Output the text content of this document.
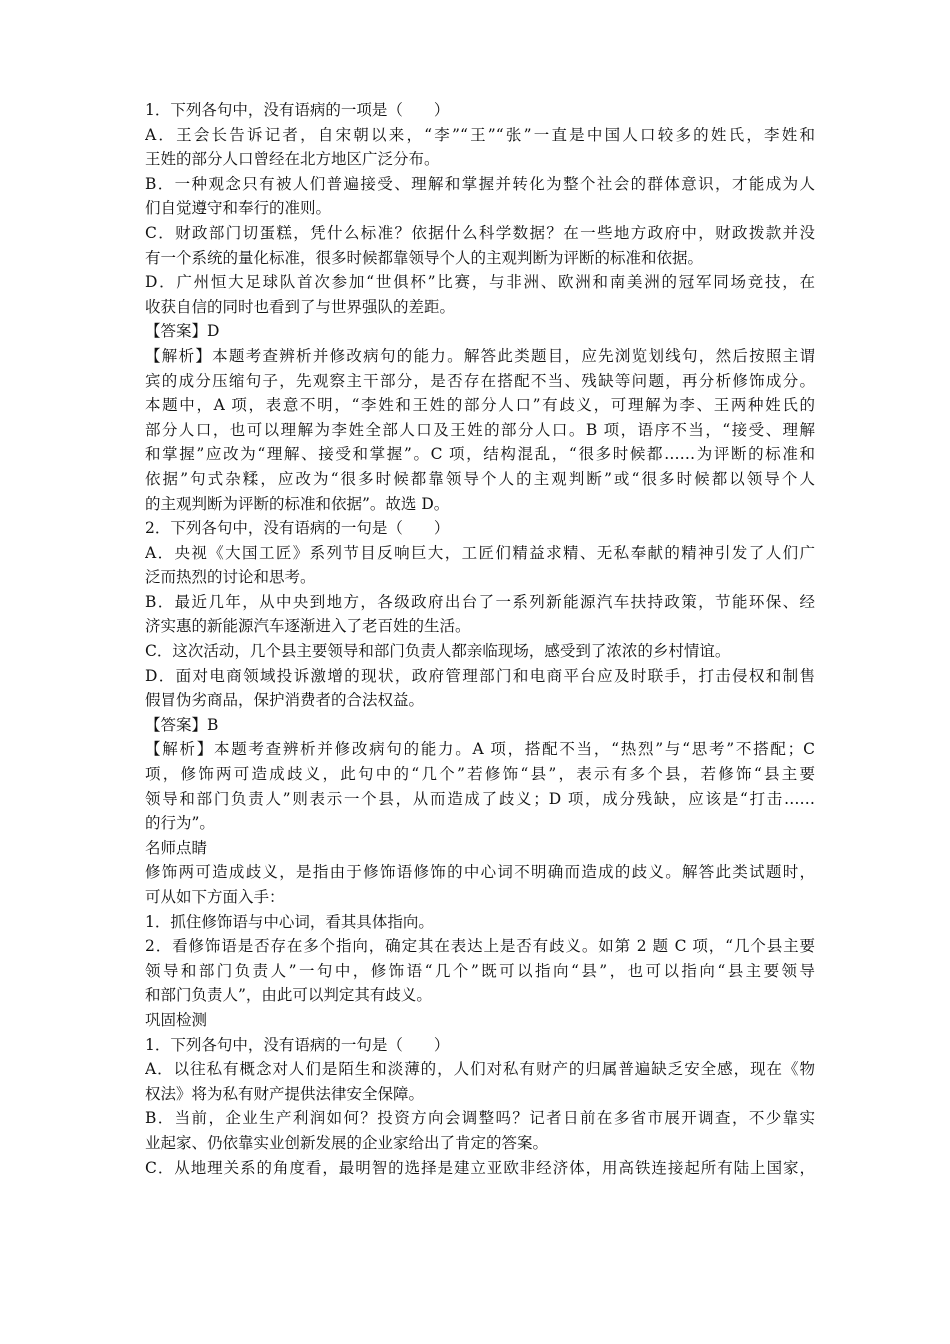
1．下列各句中，没有语病的一项是（　　）
A．王会长告诉记者，自宋朝以来，“李”“王”“张”一直是中国人口较多的姓氏，李姓和
王姓的部分人口曾经在北方地区广泛分布。
B．一种观念只有被人们普遍接受、理解和掌握并转化为整个社会的群体意识，才能成为人
们自觉遵守和奉行的准则。
C．财政部门切蛋糕，凭什么标准？依据什么科学数据？在一些地方政府中，财政拨款并没
有一个系统的量化标准，很多时候都靠领导个人的主观判断为评断的标准和依据。
D．广州恒大足球队首次参加“世俱杯”比赛，与非洲、欧洲和南美洲的冠军同场竞技，在
收获自信的同时也看到了与世界强队的差距。
【答案】D
【解析】本题考查辨析并修改病句的能力。解答此类题目，应先浏览划线句，然后按照主谓
宾的成分压缩句子，先观察主干部分，是否存在搭配不当、残缺等问题，再分析修饰成分。
本题中，A 项，表意不明，“李姓和王姓的部分人口”有歧义，可理解为李、王两种姓氏的
部分人口，也可以理解为李姓全部人口及王姓的部分人口。B 项，语序不当，“接受、理解
和掌握”应改为“理解、接受和掌握”。C 项，结构混乱，“很多时候都……为评断的标准和
依据”句式杂糅，应改为“很多时候都靠领导个人的主观判断”或“很多时候都以领导个人
的主观判断为评断的标准和依据”。故选 D。
2．下列各句中，没有语病的一句是（　　）
A．央视《大国工匠》系列节目反响巨大，工匠们精益求精、无私奉献的精神引发了人们广
泛而热烈的讨论和思考。
B．最近几年，从中央到地方，各级政府出台了一系列新能源汽车扶持政策，节能环保、经
济实惠的新能源汽车逐渐进入了老百姓的生活。
C．这次活动，几个县主要领导和部门负责人都亲临现场，感受到了浓浓的乡村情谊。
D．面对电商领域投诉激增的现状，政府管理部门和电商平台应及时联手，打击侵权和制售
假冒伪劣商品，保护消费者的合法权益。
【答案】B
【解析】本题考查辨析并修改病句的能力。A 项，搭配不当，“热烈”与“思考”不搭配；C
项，修饰两可造成歧义，此句中的“几个”若修饰“县”，表示有多个县，若修饰“县主要
领导和部门负责人”则表示一个县，从而造成了歧义；D 项，成分残缺，应该是“打击……
的行为”。
名师点睛
修饰两可造成歧义，是指由于修饰语修饰的中心词不明确而造成的歧义。解答此类试题时，
可从如下方面入手：
1．抓住修饰语与中心词，看其具体指向。
2．看修饰语是否存在多个指向，确定其在表达上是否有歧义。如第 2 题 C 项，“几个县主要
领导和部门负责人”一句中，修饰语“几个”既可以指向“县”，也可以指向“县主要领导
和部门负责人”，由此可以判定其有歧义。
巩固检测
1．下列各句中，没有语病的一句是（　　）
A．以往私有概念对人们是陌生和淡薄的，人们对私有财产的归属普遍缺乏安全感，现在《物
权法》将为私有财产提供法律安全保障。
B．当前，企业生产利润如何？投资方向会调整吗？记者日前在多省市展开调查，不少靠实
业起家、仍依靠实业创新发展的企业家给出了肯定的答案。
C．从地理关系的角度看，最明智的选择是建立亚欧非经济体，用高铁连接起所有陆上国家，
